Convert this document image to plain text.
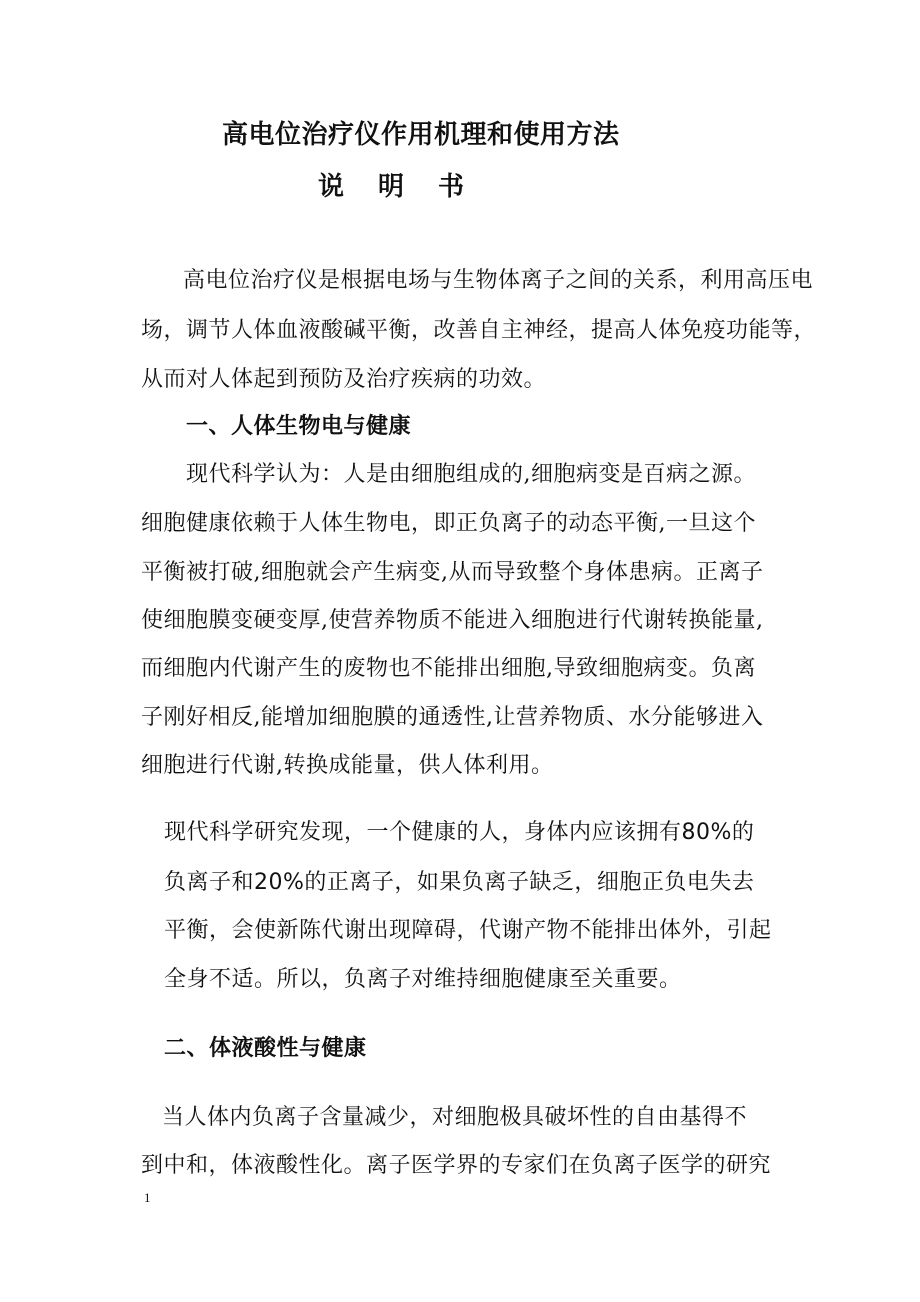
高电位治疗仪作用机理和使用方法
说明书
高电位治疗仪是根据电场与生物体离子之间的关系，利用高压电
场，调节人体血液酸碱平衡，改善自主神经，提高人体免疫功能等，
从而对人体起到预防及治疗疾病的功效。
一、人体生物电与健康
现代科学认为：人是由细胞组成的,细胞病变是百病之源。
细胞健康依赖于人体生物电，即正负离子的动态平衡,一旦这个
平衡被打破,细胞就会产生病变,从而导致整个身体患病。正离子
使细胞膜变硬变厚,使营养物质不能进入细胞进行代谢转换能量,
而细胞内代谢产生的废物也不能排出细胞,导致细胞病变。负离
子刚好相反,能增加细胞膜的通透性,让营养物质、水分能够进入
细胞进行代谢,转换成能量，供人体利用。
现代科学研究发现，一个健康的人，身体内应该拥有80%的
负离子和20%的正离子，如果负离子缺乏，细胞正负电失去
平衡，会使新陈代谢出现障碍，代谢产物不能排出体外，引起
全身不适。所以，负离子对维持细胞健康至关重要。
二、体液酸性与健康
当人体内负离子含量减少，对细胞极具破坏性的自由基得不
到中和，体液酸性化。离子医学界的专家们在负离子医学的研究
1
